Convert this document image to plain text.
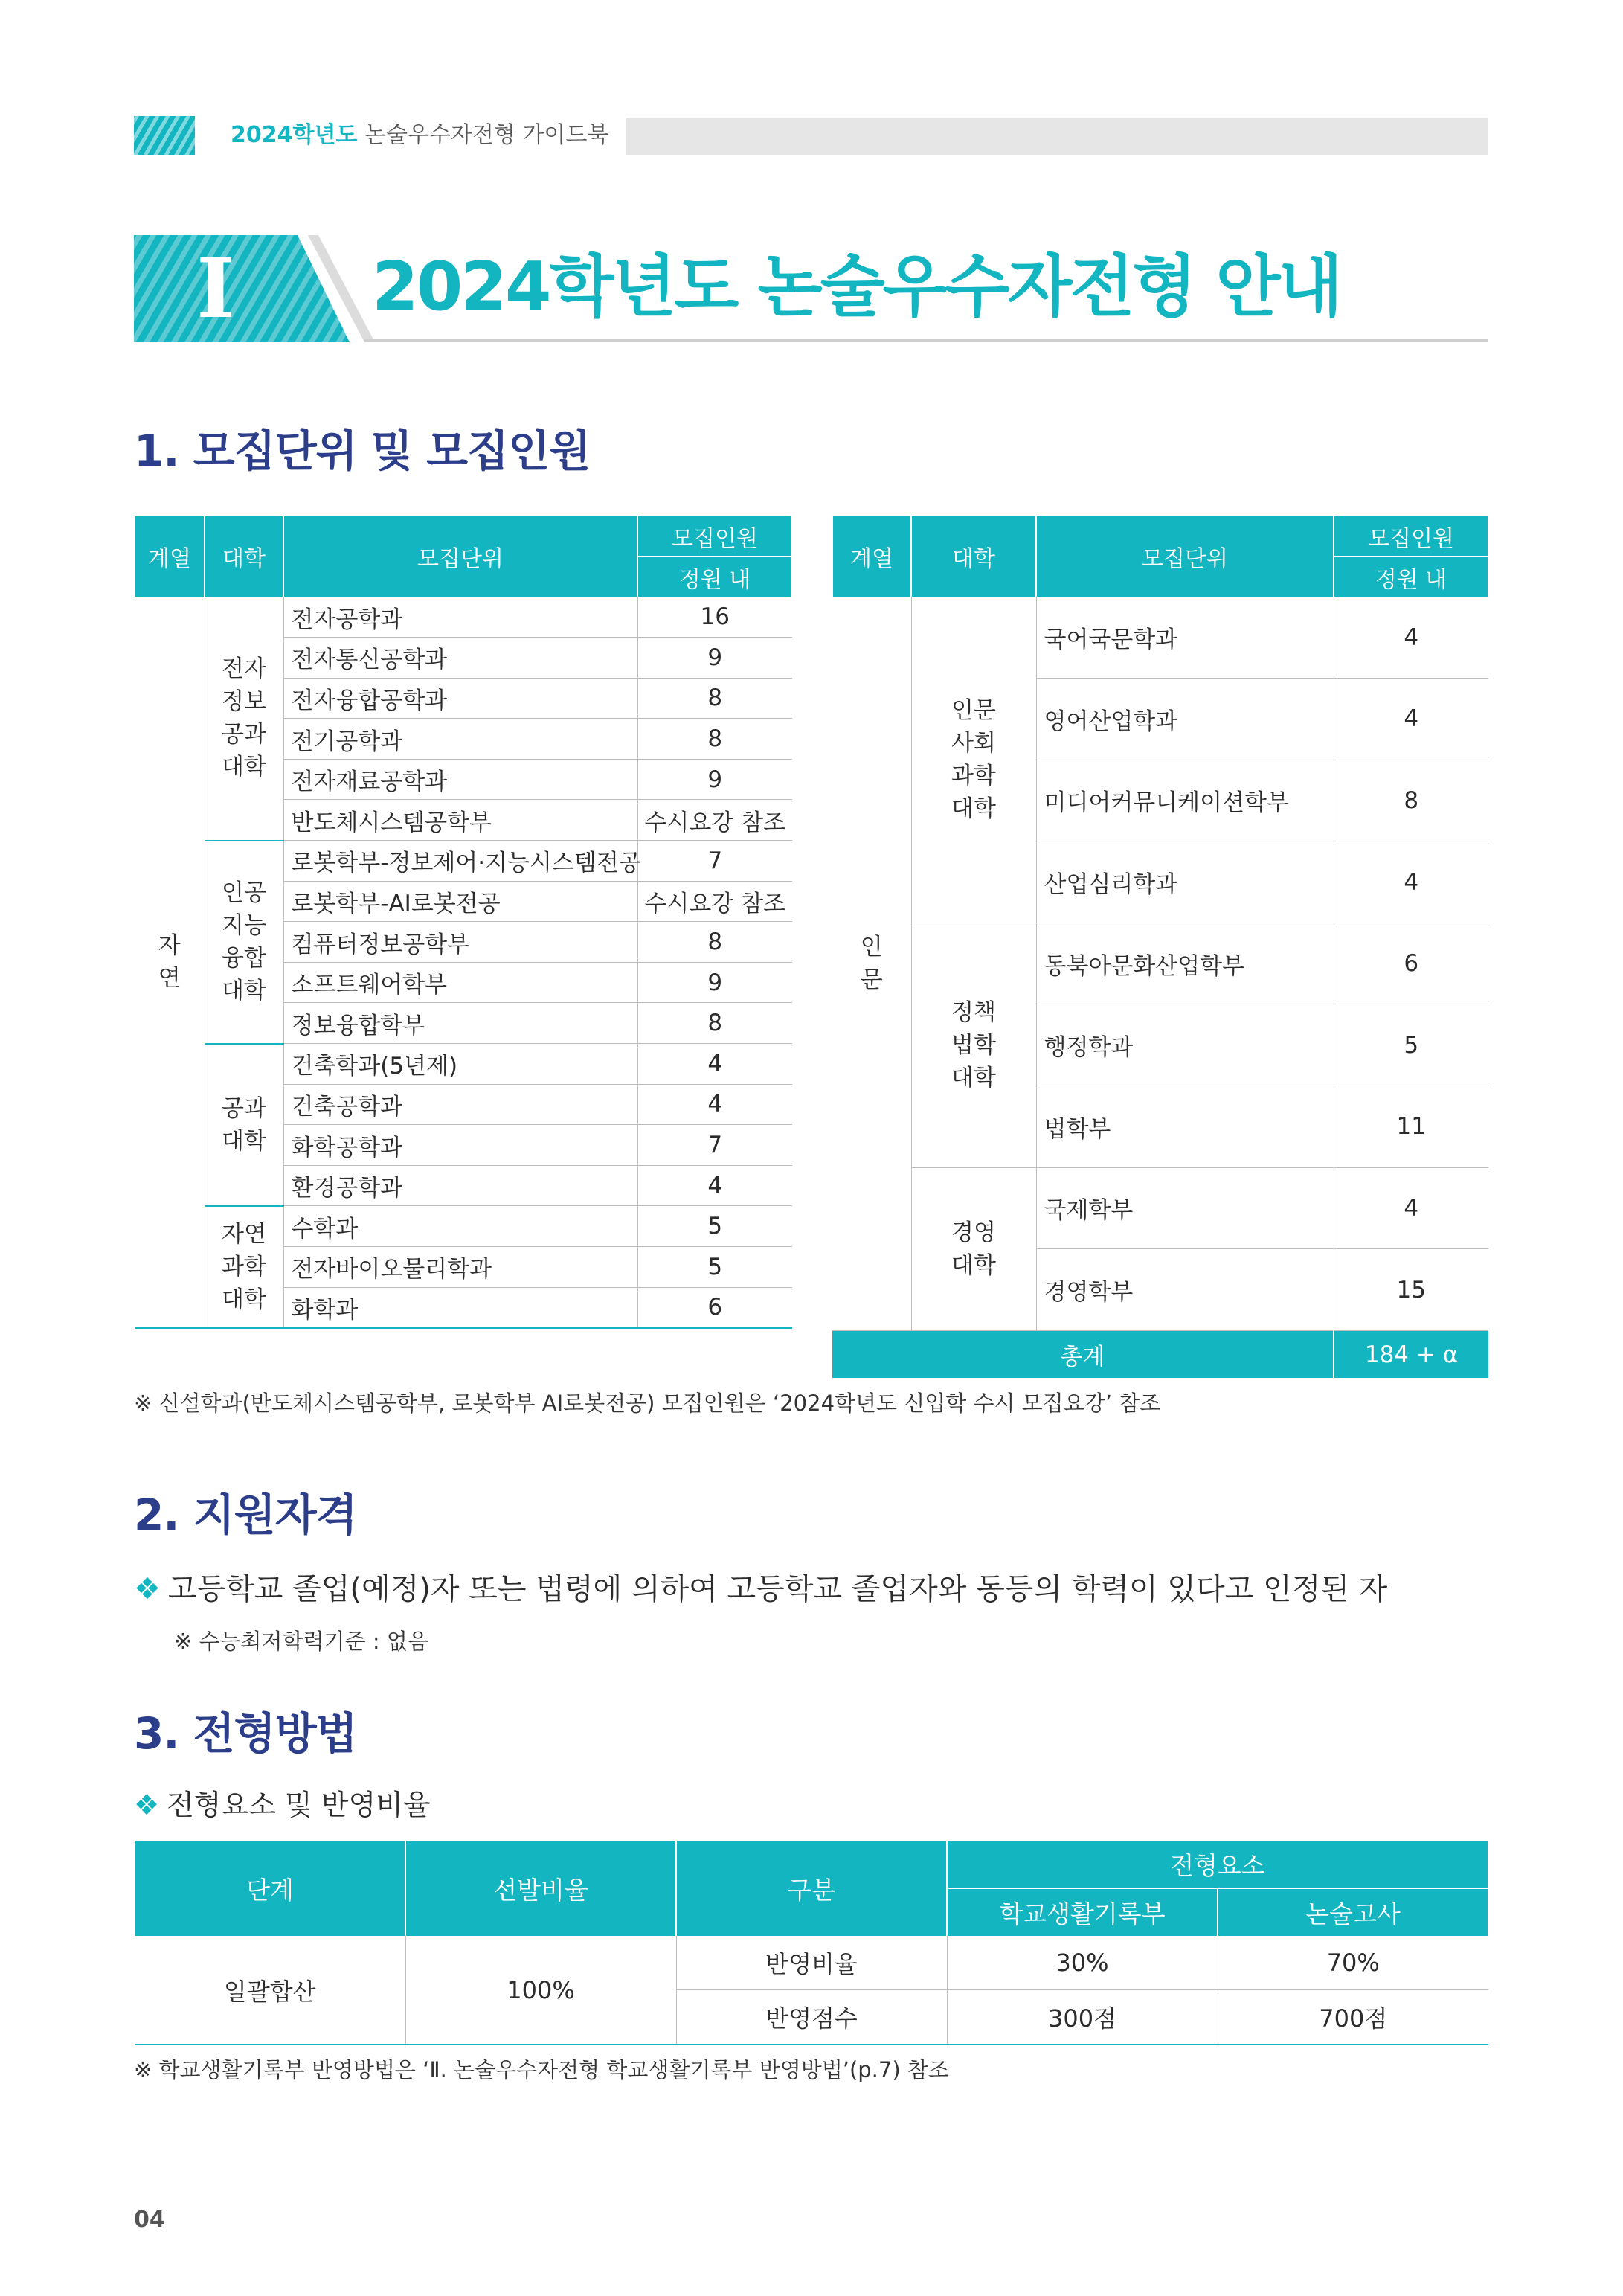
2024학년도 논술우수자전형 가이드북
I	2024학년도 논술우수자전형 안내
1. 모집단위 및 모집인원
계열	대학	모집단위	모집인원
			정원 내
자
연	전자
정보
공과
대학	전자공학과	16
		전자통신공학과	9
		전자융합공학과	8
		전기공학과	8
		전자재료공학과	9
		반도체시스템공학부	수시요강 참조
	인공
지능
융합
대학	로봇학부-정보제어·지능시스템전공	7
		로봇학부-AI로봇전공	수시요강 참조
		컴퓨터정보공학부	8
		소프트웨어학부	9
		정보융합학부	8
	공과
대학	건축학과(5년제)	4
		건축공학과	4
		화학공학과	7
		환경공학과	4
	자연
과학
대학	수학과	5
		전자바이오물리학과	5
		화학과	6
계열	대학	모집단위	모집인원
			정원 내
인
문	인문
사회
과학
대학	국어국문학과	4
		영어산업학과	4
		미디어커뮤니케이션학부	8
		산업심리학과	4
	정책
법학
대학	동북아문화산업학부	6
		행정학과	5
		법학부	11
	경영
대학	국제학부	4
		경영학부	15
총계			184 + α
※ 신설학과(반도체시스템공학부, 로봇학부 AI로봇전공) 모집인원은 ‘2024학년도 신입학 수시 모집요강’ 참조
2. 지원자격
❖ 고등학교 졸업(예정)자 또는 법령에 의하여 고등학교 졸업자와 동등의 학력이 있다고 인정된 자
※ 수능최저학력기준 : 없음
3. 전형방법
❖ 전형요소 및 반영비율
단계	선발비율	구분	전형요소	
			학교생활기록부	논술고사
일괄합산	100%	반영비율	30%	70%
		반영점수	300점	700점
※ 학교생활기록부 반영방법은 ‘Ⅱ. 논술우수자전형 학교생활기록부 반영방법’(p.7) 참조
04
